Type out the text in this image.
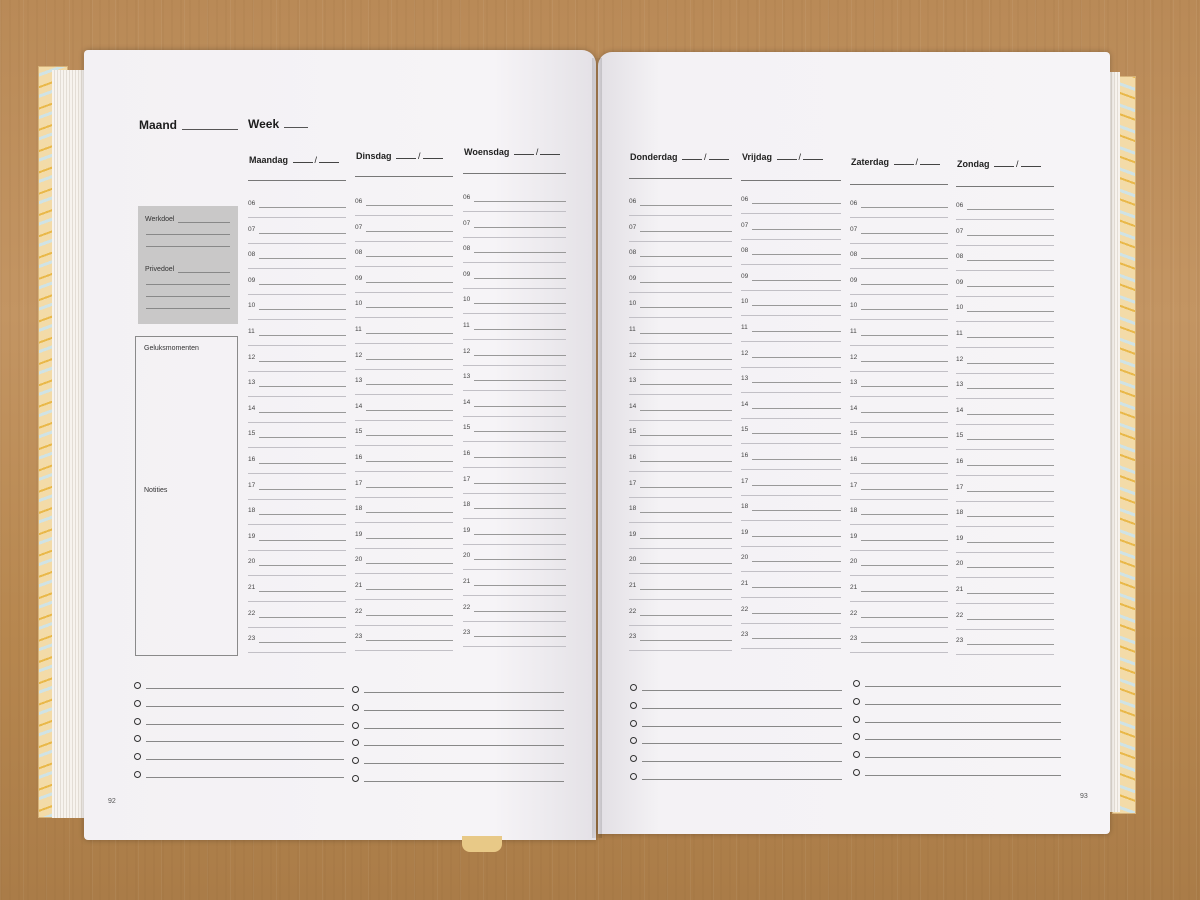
Maand	Week
Werkdoel
Privedoel
Geluksmomenten
Notities
Maandag	/
06
07
08
09
10
11
12
13
14
15
16
17
18
19
20
21
22
23
Dinsdag	/
06
07
08
09
10
11
12
13
14
15
16
17
18
19
20
21
22
23
Woensdag	/
06
07
08
09
10
11
12
13
14
15
16
17
18
19
20
21
22
23
Donderdag	/
06
07
08
09
10
11
12
13
14
15
16
17
18
19
20
21
22
23
Vrijdag	/
06
07
08
09
10
11
12
13
14
15
16
17
18
19
20
21
22
23
Zaterdag	/
06
07
08
09
10
11
12
13
14
15
16
17
18
19
20
21
22
23
Zondag	/
06
07
08
09
10
11
12
13
14
15
16
17
18
19
20
21
22
23
92
93
